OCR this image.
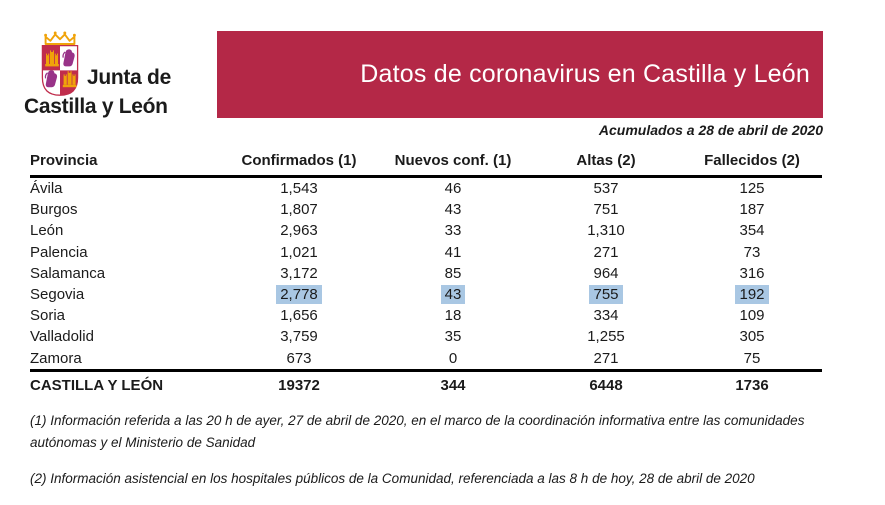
Junta de
Castilla y León
Datos de coronavirus en Castilla y León
Acumulados a 28 de abril de 2020
Provincia	Confirmados (1)	Nuevos conf. (1)	Altas (2)	Fallecidos (2)
Ávila	1,543	46	537	125
Burgos	1,807	43	751	187
León	2,963	33	1,310	354
Palencia	1,021	41	271	73
Salamanca	3,172	85	964	316
Segovia	2,778	43	755	192
Soria	1,656	18	334	109
Valladolid	3,759	35	1,255	305
Zamora	673	0	271	75
CASTILLA Y LEÓN	19372	344	6448	1736
(1) Información referida a las 20 h de ayer, 27 de abril de 2020, en el marco de la coordinación informativa entre las comunidades autónomas y el Ministerio de Sanidad
(2) Información asistencial en los hospitales públicos de la Comunidad, referenciada a las 8 h de hoy, 28 de abril de 2020
